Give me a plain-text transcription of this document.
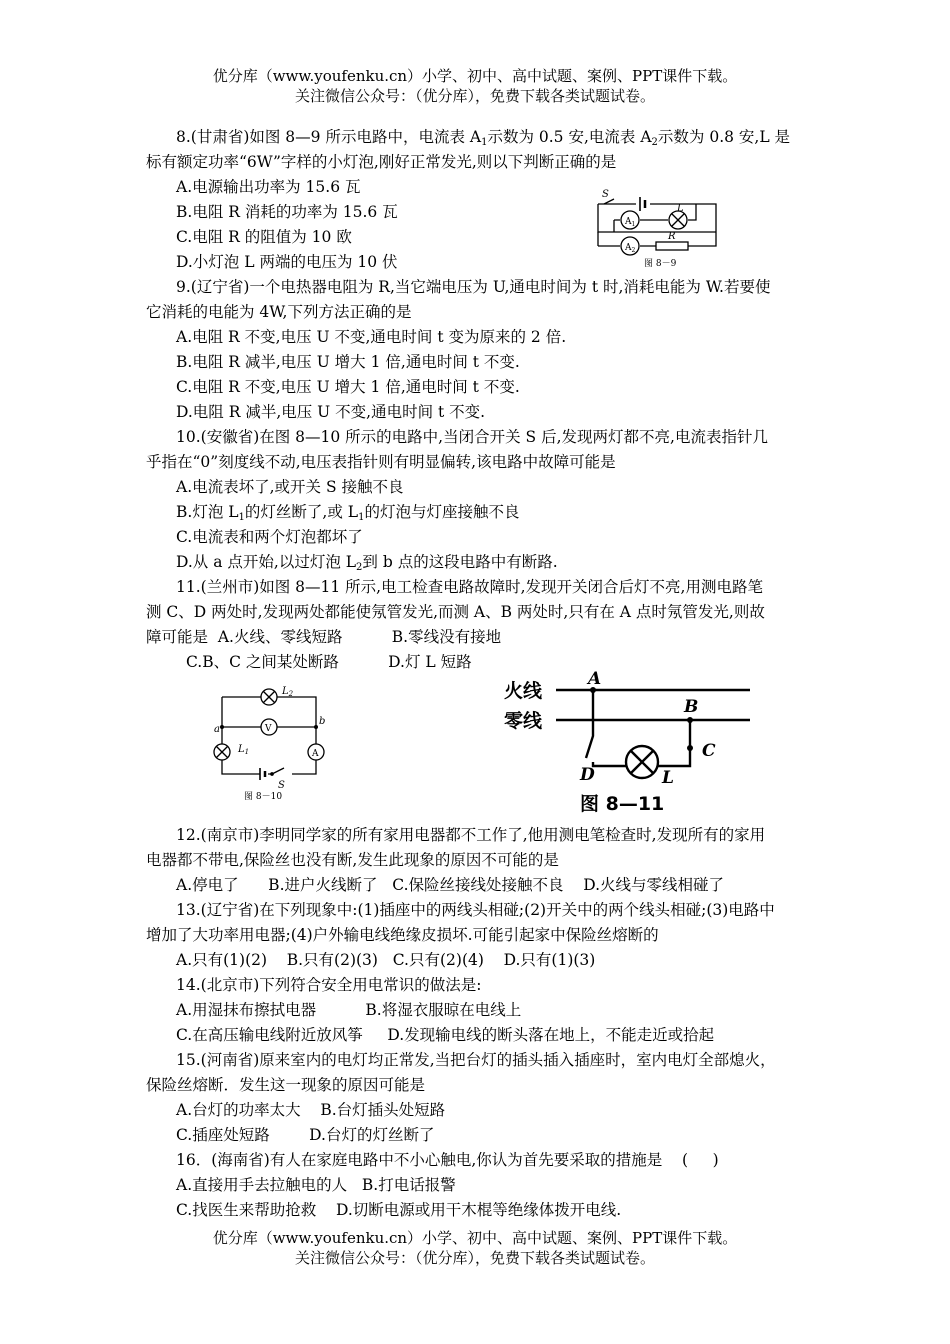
优分库（www.youfenku.cn）小学、初中、高中试题、案例、PPT课件下载。
关注微信公众号：（优分库），免费下载各类试题试卷。
8.(甘肃省)如图 8—9 所示电路中，电流表 $A_1$示数为 0.5 安,电流表 $A_2$示数为 0.8 安,L 是
标有额定功率“6W”字样的小灯泡,刚好正常发光,则以下判断正确的是
A.电源输出功率为 15.6 瓦
B.电阻 R 消耗的功率为 15.6 瓦
C.电阻 R 的阻值为 10 欧
D.小灯泡 L 两端的电压为 10 伏
S
L
R
$A_1$
$A_2$
图 8－9
9.(辽宁省)一个电热器电阻为 R,当它端电压为 U,通电时间为 t 时,消耗电能为 W.若要使
它消耗的电能为 4W,下列方法正确的是
A.电阻 R 不变,电压 U 不变,通电时间 t 变为原来的 2 倍.
B.电阻 R 减半,电压 U 增大 1 倍,通电时间 t 不变.
C.电阻 R 不变,电压 U 增大 1 倍,通电时间 t 不变.
D.电阻 R 减半,电压 U 不变,通电时间 t 不变.
10.(安徽省)在图 8—10 所示的电路中,当闭合开关 S 后,发现两灯都不亮,电流表指针几
乎指在“0”刻度线不动,电压表指针则有明显偏转,该电路中故障可能是
A.电流表坏了,或开关 S 接触不良
B.灯泡 $L_1$的灯丝断了,或 $L_1$的灯泡与灯座接触不良
C.电流表和两个灯泡都坏了
D.从 a 点开始,以过灯泡 $L_2$到 b 点的这段电路中有断路.
11.(兰州市)如图 8—11 所示,电工检查电路故障时,发现开关闭合后灯不亮,用测电路笔
测 C、D 两处时,发现两处都能使氖管发光,而测 A、B 两处时,只有在 A 点时氖管发光,则故
障可能是  A.火线、零线短路          B.零线没有接地
C.B、C 之间某处断路          D.灯 L 短路
$L_2$
$L_1$
a
b
V
A
S
图 8－10
火线
零线
A
B
C
D	L
图 8—11
12.(南京市)李明同学家的所有家用电器都不工作了,他用测电笔检查时,发现所有的家用
电器都不带电,保险丝也没有断,发生此现象的原因不可能的是
A.停电了      B.进户火线断了   C.保险丝接线处接触不良    D.火线与零线相碰了
13.(辽宁省)在下列现象中:(1)插座中的两线头相碰;(2)开关中的两个线头相碰;(3)电路中
增加了大功率用电器;(4)户外输电线绝缘皮损坏.可能引起家中保险丝熔断的
A.只有(1)(2)    B.只有(2)(3)   C.只有(2)(4)    D.只有(1)(3)
14.(北京市)下列符合安全用电常识的做法是:
A.用湿抹布擦拭电器          B.将湿衣服晾在电线上
C.在高压输电线附近放风筝     D.发现输电线的断头落在地上，不能走近或拾起
15.(河南省)原来室内的电灯均正常发,当把台灯的插头插入插座时，室内电灯全部熄火，
保险丝熔断．发生这一现象的原因可能是
A.台灯的功率太大    B.台灯插头处短路
C.插座处短路        D.台灯的灯丝断了
16．(海南省)有人在家庭电路中不小心触电,你认为首先要采取的措施是    (     )
A.直接用手去拉触电的人   B.打电话报警
C.找医生来帮助抢救    D.切断电源或用干木棍等绝缘体拨开电线.
优分库（www.youfenku.cn）小学、初中、高中试题、案例、PPT课件下载。
关注微信公众号：（优分库），免费下载各类试题试卷。
